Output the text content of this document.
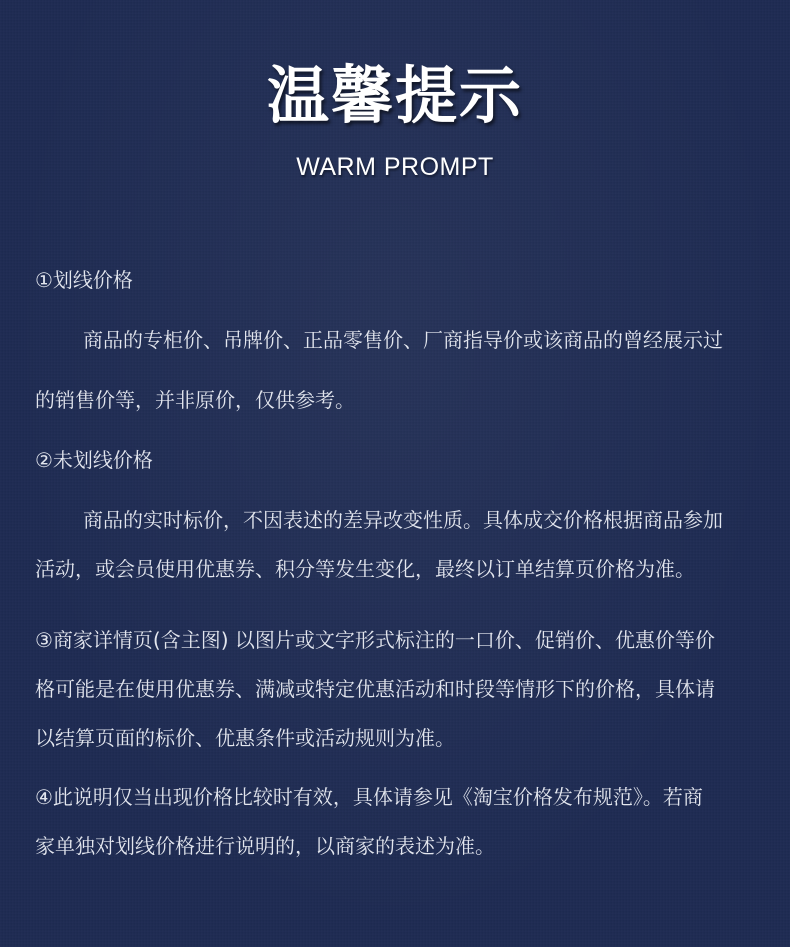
温馨提示
WARM PROMPT
①划线价格
商品的专柜价、吊牌价、正品零售价、厂商指导价或该商品的曾经展示过
的销售价等，并非原价，仅供参考。
②未划线价格
商品的实时标价，不因表述的差异改变性质。具体成交价格根据商品参加
活动，或会员使用优惠券、积分等发生变化，最终以订单结算页价格为准。
③商家详情页(含主图) 以图片或文字形式标注的一口价、促销价、优惠价等价
格可能是在使用优惠券、满减或特定优惠活动和时段等情形下的价格，具体请
以结算页面的标价、优惠条件或活动规则为准。
④此说明仅当出现价格比较时有效，具体请参见《淘宝价格发布规范》。若商
家单独对划线价格进行说明的，以商家的表述为准。
